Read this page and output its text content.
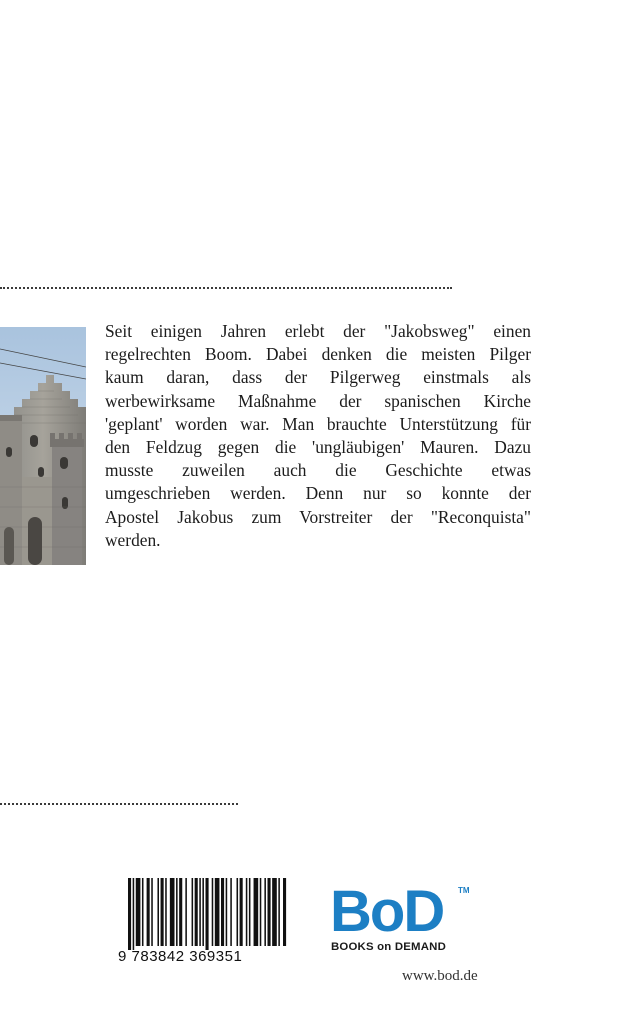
Seit einigen Jahren erlebt der "Jakobsweg" einen
regelrechten Boom. Dabei denken die meisten Pilger
kaum daran, dass der Pilgerweg einstmals als
werbewirksame Maßnahme der spanischen Kirche
'geplant' worden war. Man brauchte Unterstützung für
den Feldzug gegen die 'ungläubigen' Mauren. Dazu
musste zuweilen auch die Geschichte etwas
umgeschrieben werden. Denn nur so konnte der
Apostel Jakobus zum Vorstreiter der "Reconquista"
werden.
9 783842 369351
BoD TM
BOOKS on DEMAND
www.bod.de
